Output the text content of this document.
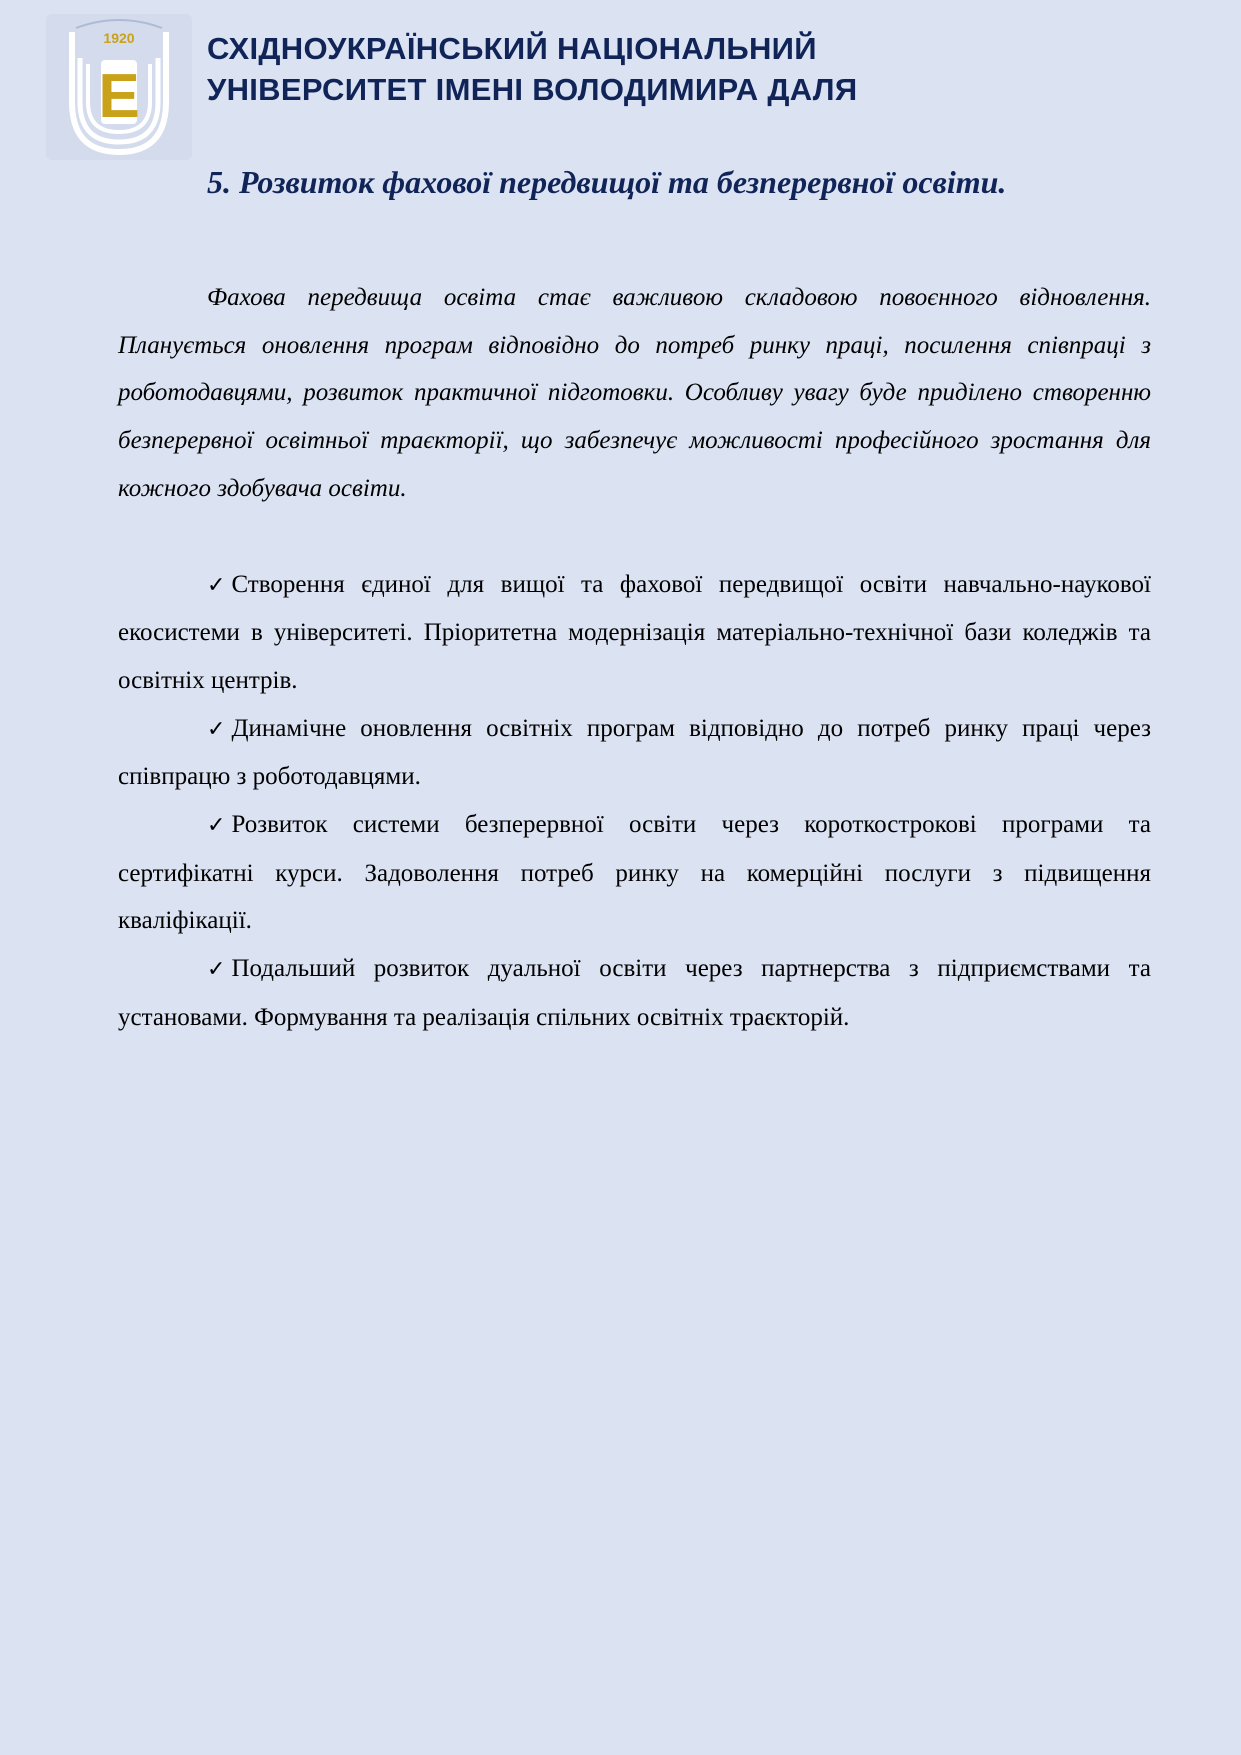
1920
E
СХІДНОУКРАЇНСЬКИЙ НАЦІОНАЛЬНИЙ
УНІВЕРСИТЕТ ІМЕНІ ВОЛОДИМИРА ДАЛЯ
5. Розвиток фахової передвищої та безперервної освіти.

Фахова передвища освіта стає важливою складовою повоєнного відновлення. Планується оновлення програм відповідно до потреб ринку праці, посилення співпраці з роботодавцями, розвиток практичної підготовки. Особливу увагу буде приділено створенню безперервної освітньої траєкторії, що забезпечує можливості професійного зростання для кожного здобувача освіти.

✓ Створення єдиної для вищої та фахової передвищої освіти навчально-наукової екосистеми в університеті. Пріоритетна модернізація матеріально-технічної бази коледжів та освітніх центрів.

✓ Динамічне оновлення освітніх програм відповідно до потреб ринку праці через співпрацю з роботодавцями.

✓ Розвиток системи безперервної освіти через короткострокові програми та сертифікатні курси. Задоволення потреб ринку на комерційні послуги з підвищення кваліфікації.

✓ Подальший розвиток дуальної освіти через партнерства з підприємствами та установами. Формування та реалізація спільних освітніх траєкторій.
